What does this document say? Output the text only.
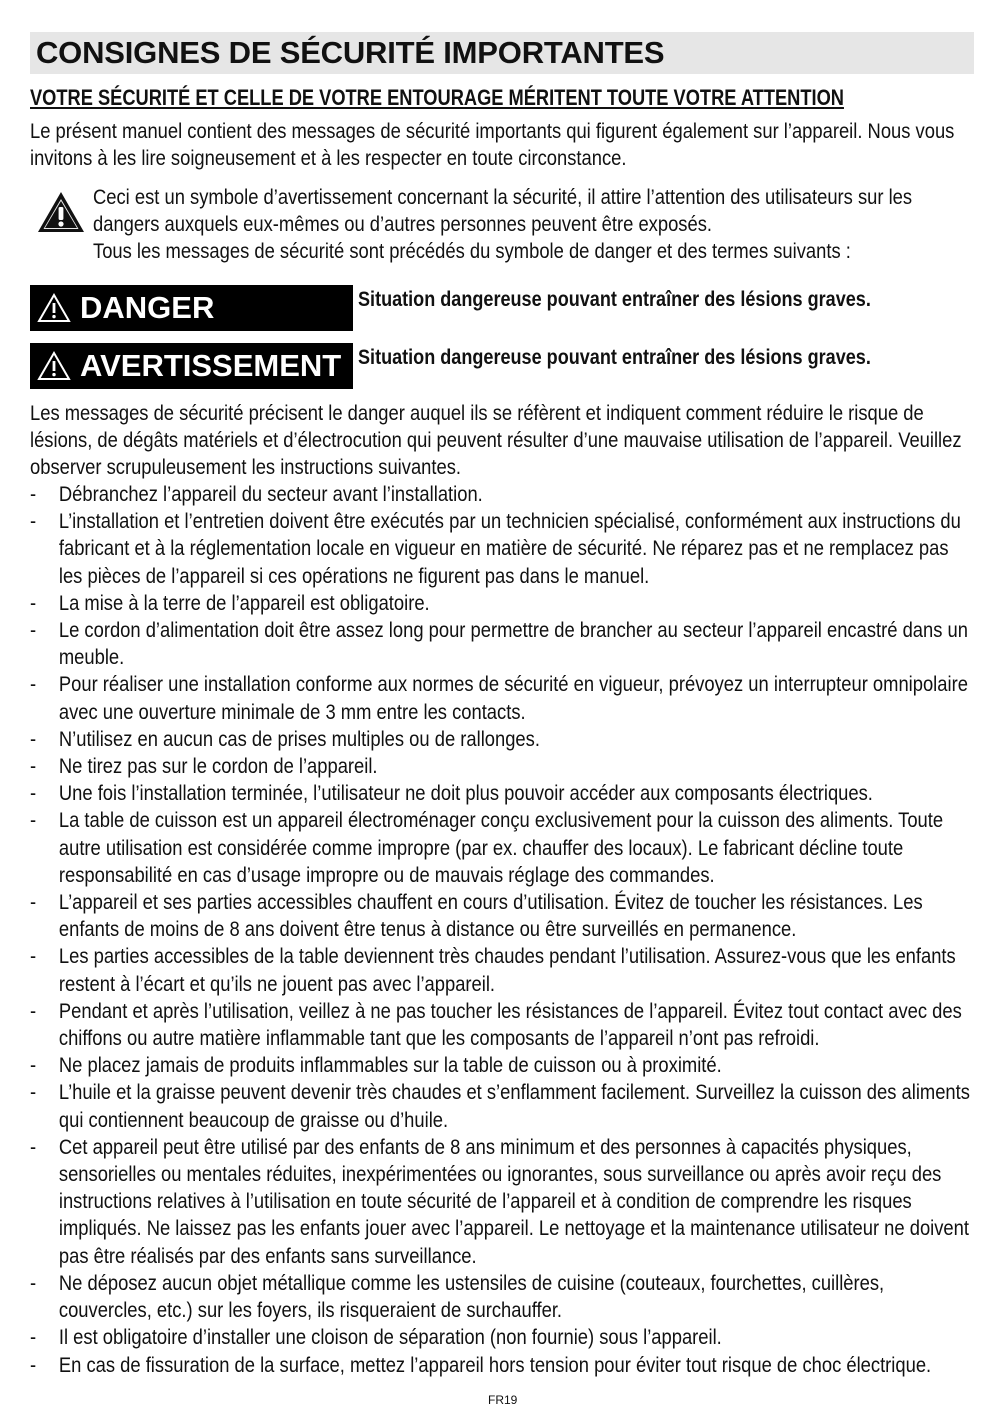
CONSIGNES DE SÉCURITÉ IMPORTANTES
VOTRE SÉCURITÉ ET CELLE DE VOTRE ENTOURAGE MÉRITENT TOUTE VOTRE ATTENTION
Le présent manuel contient des messages de sécurité importants qui figurent également sur l’appareil. Nous vous invitons à les lire soigneusement et à les respecter en toute circonstance.
Ceci est un symbole d’avertissement concernant la sécurité, il attire l’attention des utilisateurs sur les dangers auxquels eux-mêmes ou d’autres personnes peuvent être exposés.
Tous les messages de sécurité sont précédés du symbole de danger et des termes suivants :
DANGER	Situation dangereuse pouvant entraîner des lésions graves.
AVERTISSEMENT Situation dangereuse pouvant entraîner des lésions graves.
Les messages de sécurité précisent le danger auquel ils se réfèrent et indiquent comment réduire le risque de lésions, de dégâts matériels et d’électrocution qui peuvent résulter d’une mauvaise utilisation de l’appareil. Veuillez observer scrupuleusement les instructions suivantes.
- Débranchez l’appareil du secteur avant l’installation.
- L’installation et l’entretien doivent être exécutés par un technicien spécialisé, conformément aux instructions du fabricant et à la réglementation locale en vigueur en matière de sécurité. Ne réparez pas et ne remplacez pas les pièces de l’appareil si ces opérations ne figurent pas dans le manuel.
- La mise à la terre de l’appareil est obligatoire.
- Le cordon d’alimentation doit être assez long pour permettre de brancher au secteur l’appareil encastré dans un meuble.
- Pour réaliser une installation conforme aux normes de sécurité en vigueur, prévoyez un interrupteur omnipolaire avec une ouverture minimale de 3 mm entre les contacts.
- N’utilisez en aucun cas de prises multiples ou de rallonges.
- Ne tirez pas sur le cordon de l’appareil.
- Une fois l’installation terminée, l’utilisateur ne doit plus pouvoir accéder aux composants électriques.
- La table de cuisson est un appareil électroménager conçu exclusivement pour la cuisson des aliments. Toute autre utilisation est considérée comme impropre (par ex. chauffer des locaux). Le fabricant décline toute responsabilité en cas d’usage impropre ou de mauvais réglage des commandes.
- L’appareil et ses parties accessibles chauffent en cours d’utilisation. Évitez de toucher les résistances. Les enfants de moins de 8 ans doivent être tenus à distance ou être surveillés en permanence.
- Les parties accessibles de la table deviennent très chaudes pendant l’utilisation. Assurez-vous que les enfants restent à l’écart et qu’ils ne jouent pas avec l’appareil.
- Pendant et après l’utilisation, veillez à ne pas toucher les résistances de l’appareil. Évitez tout contact avec des chiffons ou autre matière inflammable tant que les composants de l’appareil n’ont pas refroidi.
- Ne placez jamais de produits inflammables sur la table de cuisson ou à proximité.
- L’huile et la graisse peuvent devenir très chaudes et s’enflamment facilement. Surveillez la cuisson des aliments qui contiennent beaucoup de graisse ou d’huile.
- Cet appareil peut être utilisé par des enfants de 8 ans minimum et des personnes à capacités physiques, sensorielles ou mentales réduites, inexpérimentées ou ignorantes, sous surveillance ou après avoir reçu des instructions relatives à l’utilisation en toute sécurité de l’appareil et à condition de comprendre les risques impliqués. Ne laissez pas les enfants jouer avec l’appareil. Le nettoyage et la maintenance utilisateur ne doivent pas être réalisés par des enfants sans surveillance.
- Ne déposez aucun objet métallique comme les ustensiles de cuisine (couteaux, fourchettes, cuillères, couvercles, etc.) sur les foyers, ils risqueraient de surchauffer.
- Il est obligatoire d’installer une cloison de séparation (non fournie) sous l’appareil.
- En cas de fissuration de la surface, mettez l’appareil hors tension pour éviter tout risque de choc électrique.
FR19
